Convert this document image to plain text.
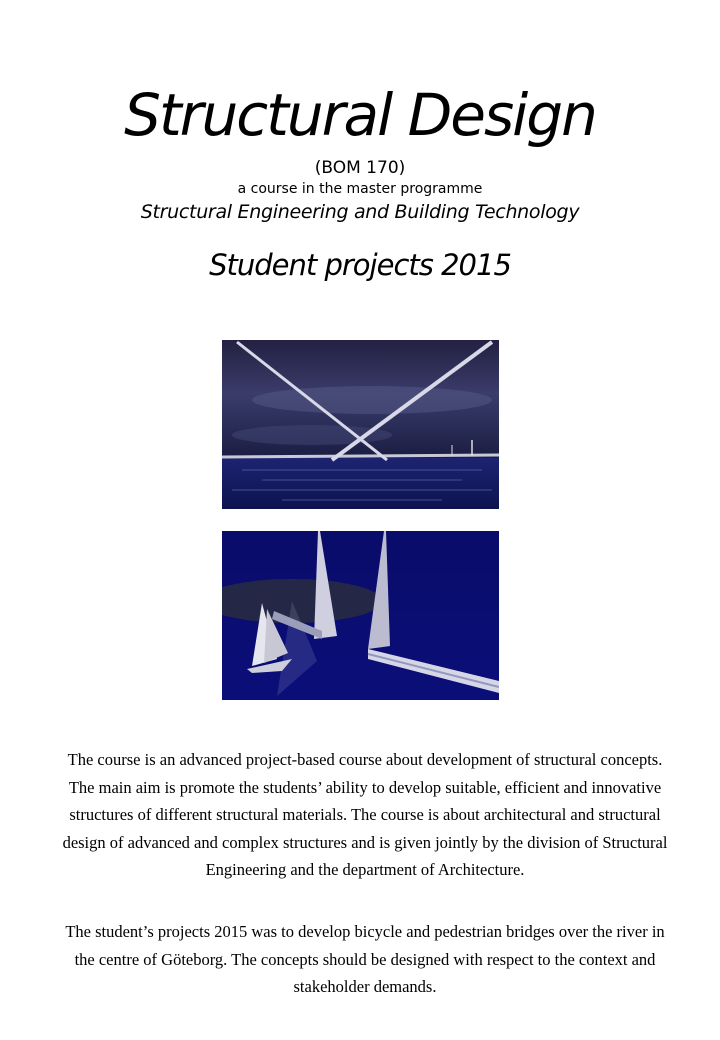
Structural Design
(BOM 170)
a course in the master programme
Structural Engineering and Building Technology
Student projects 2015
The course is an advanced project-based course about development of structural concepts. The main aim is promote the students’ ability to develop suitable, efficient and innovative structures of different structural materials. The course is about architectural and structural design of advanced and complex structures and is given jointly by the division of Structural Engineering and the department of Architecture.
The student’s projects 2015 was to develop bicycle and pedestrian bridges over the river in the centre of Göteborg. The concepts should be designed with respect to the context and stakeholder demands.
